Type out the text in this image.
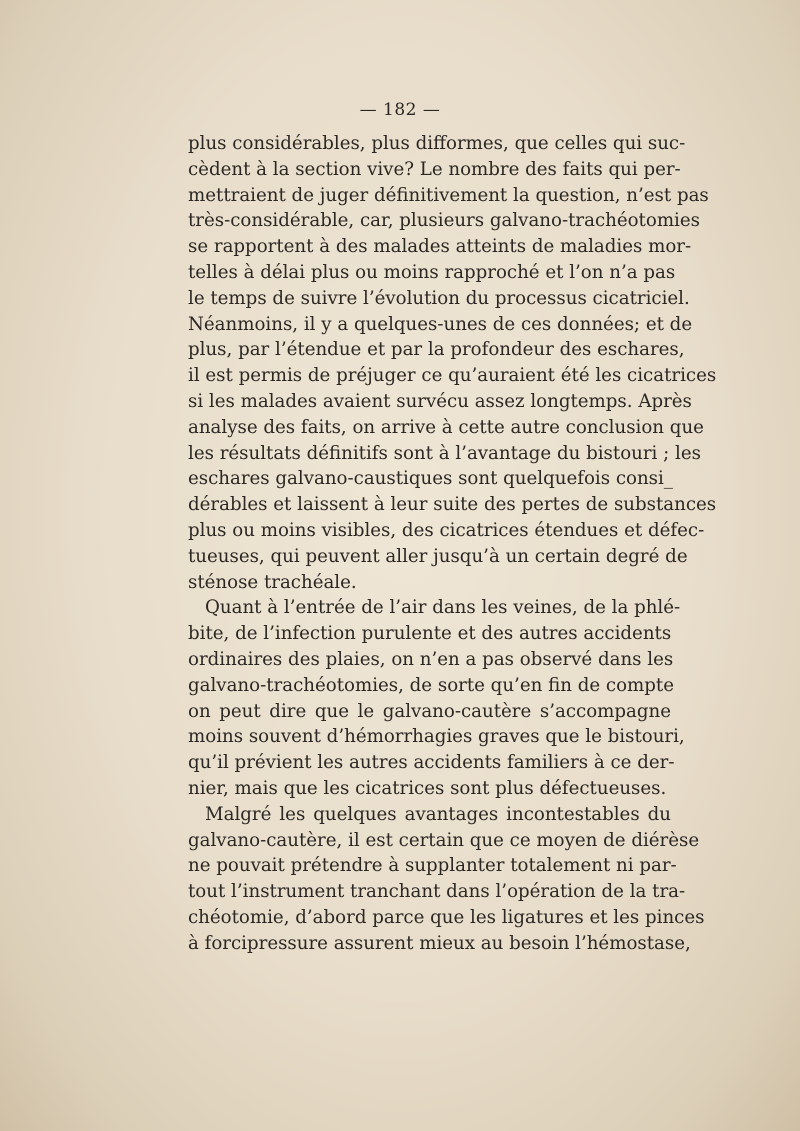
— 182 —
plus considérables, plus difformes, que celles qui suc-
cèdent à la section vive? Le nombre des faits qui per-
mettraient de juger définitivement la question, n’est pas
très-considérable, car, plusieurs galvano-trachéotomies
se rapportent à des malades atteints de maladies mor-
telles à délai plus ou moins rapproché et l’on n’a pas
le temps de suivre l’évolution du processus cicatriciel.
Néanmoins, il y a quelques-unes de ces données; et de
plus, par l’étendue et par la profondeur des eschares,
il est permis de préjuger ce qu’auraient été les cicatrices
si les malades avaient survécu assez longtemps. Après
analyse des faits, on arrive à cette autre conclusion que
les résultats définitifs sont à l’avantage du bistouri ; les
eschares galvano-caustiques sont quelquefois consi_
dérables et laissent à leur suite des pertes de substances
plus ou moins visibles, des cicatrices étendues et défec-
tueuses, qui peuvent aller jusqu’à un certain degré de
sténose trachéale.
Quant à l’entrée de l’air dans les veines, de la phlé-
bite, de l’infection purulente et des autres accidents
ordinaires des plaies, on n’en a pas observé dans les
galvano-trachéotomies, de sorte qu’en fin de compte
on peut dire que le galvano-cautère s’accompagne
moins souvent d’hémorrhagies graves que le bistouri,
qu’il prévient les autres accidents familiers à ce der-
nier, mais que les cicatrices sont plus défectueuses.
Malgré les quelques avantages incontestables du
galvano-cautère, il est certain que ce moyen de diérèse
ne pouvait prétendre à supplanter totalement ni par-
tout l’instrument tranchant dans l’opération de la tra-
chéotomie, d’abord parce que les ligatures et les pinces
à forcipressure assurent mieux au besoin l’hémostase,
